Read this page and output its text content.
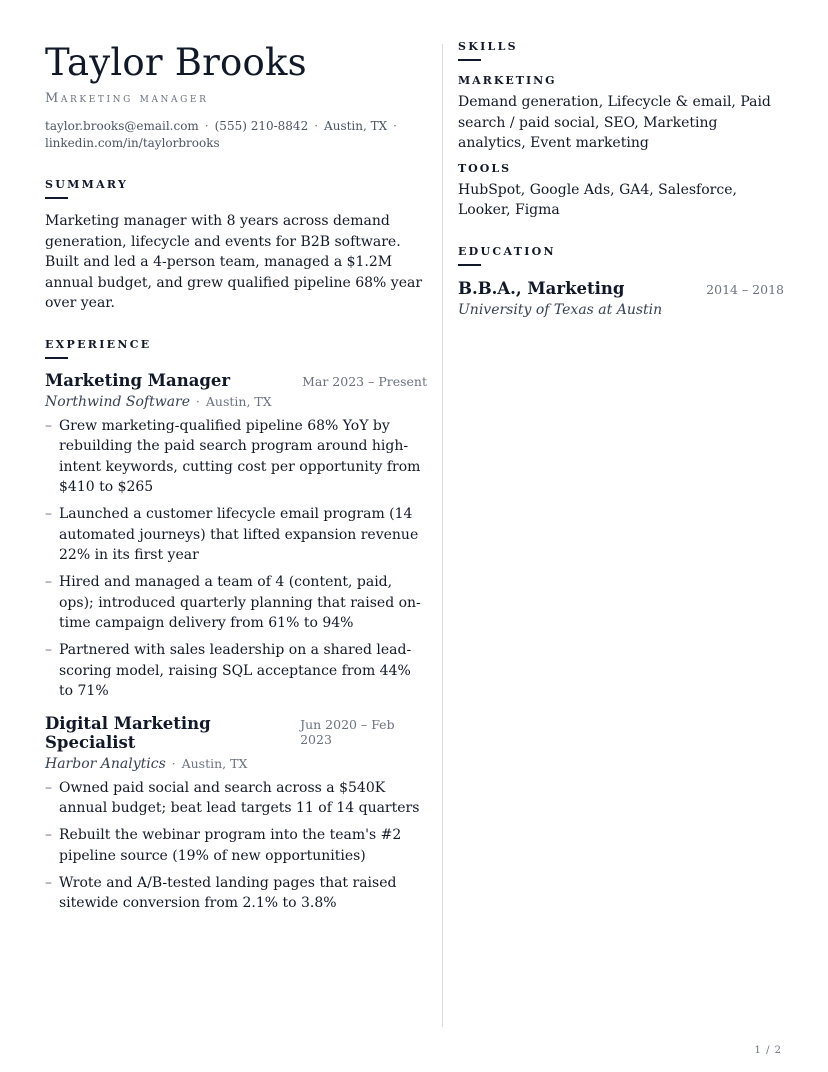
Taylor Brooks
Marketing manager
taylor.brooks@email.com · (555) 210-8842 · Austin, TX ·
linkedin.com/in/taylorbrooks
SUMMARY
Marketing manager with 8 years across demand generation, lifecycle and events for B2B software. Built and led a 4-person team, managed a $1.2M annual budget, and grew qualified pipeline 68% year over year.
EXPERIENCE
Marketing Manager	Mar 2023 – Present
Northwind Software · Austin, TX
– Grew marketing-qualified pipeline 68% YoY by rebuilding the paid search program around high-intent keywords, cutting cost per opportunity from $410 to $265
– Launched a customer lifecycle email program (14 automated journeys) that lifted expansion revenue 22% in its first year
– Hired and managed a team of 4 (content, paid, ops); introduced quarterly planning that raised on-time campaign delivery from 61% to 94%
– Partnered with sales leadership on a shared lead-scoring model, raising SQL acceptance from 44% to 71%
Digital Marketing Specialist
Jun 2020 – Feb 2023
Harbor Analytics · Austin, TX
– Owned paid social and search across a $540K annual budget; beat lead targets 11 of 14 quarters
– Rebuilt the webinar program into the team's #2 pipeline source (19% of new opportunities)
– Wrote and A/B-tested landing pages that raised sitewide conversion from 2.1% to 3.8%
SKILLS
MARKETING
Demand generation, Lifecycle & email, Paid search / paid social, SEO, Marketing analytics, Event marketing
TOOLS
HubSpot, Google Ads, GA4, Salesforce, Looker, Figma
EDUCATION
B.B.A., Marketing	2014 – 2018
University of Texas at Austin
1 / 2
